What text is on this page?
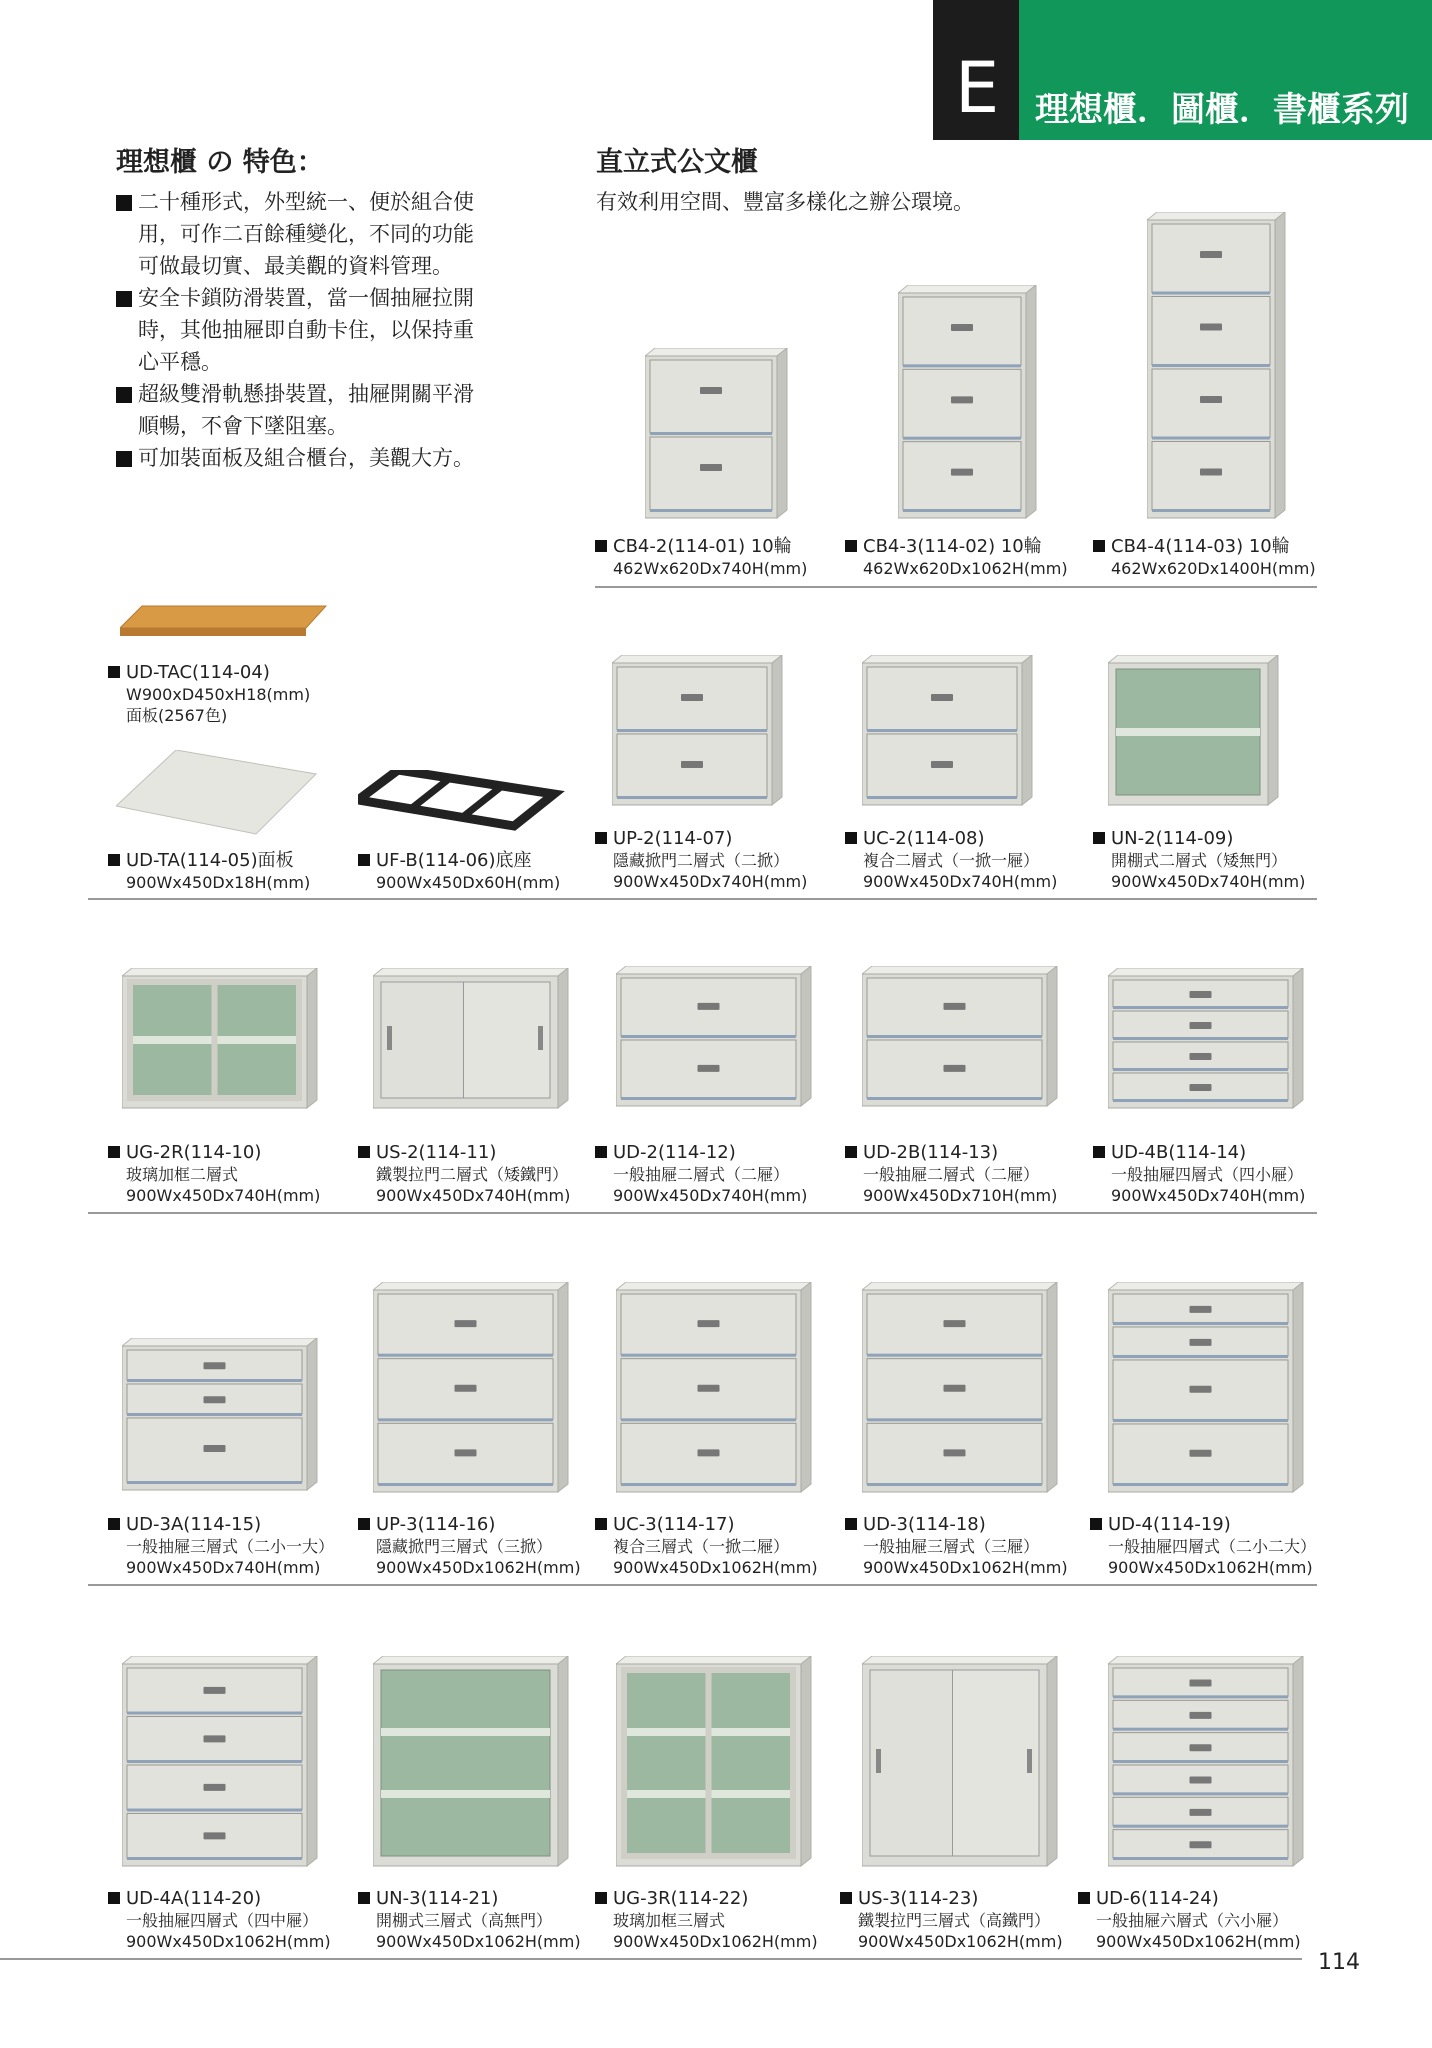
E 理想櫃．圖櫃．書櫃系列
理想櫃 の 特色：
二十種形式，外型統一、便於組合使用，可作二百餘種變化，不同的功能可做最切實、最美觀的資料管理。
安全卡鎖防滑裝置，當一個抽屜拉開時，其他抽屜即自動卡住，以保持重心平穩。
超級雙滑軌懸掛裝置，抽屜開關平滑順暢，不會下墜阻塞。
可加裝面板及組合櫃台，美觀大方。
直立式公文櫃
有效利用空間、豐富多樣化之辦公環境。
CB4-2(114-01) 10輪
462Wx620Dx740H(mm)
CB4-3(114-02) 10輪
462Wx620Dx1062H(mm)
CB4-4(114-03) 10輪
462Wx620Dx1400H(mm)
UD-TAC(114-04)
W900xD450xH18(mm)
面板(2567色)
UD-TA(114-05)面板
900Wx450Dx18H(mm)
UF-B(114-06)底座
900Wx450Dx60H(mm)
UP-2(114-07)
隱藏掀門二層式（二掀）
900Wx450Dx740H(mm)
UC-2(114-08)
複合二層式（一掀一屜）
900Wx450Dx740H(mm)
UN-2(114-09)
開棚式二層式（矮無門）
900Wx450Dx740H(mm)
UG-2R(114-10)
玻璃加框二層式
900Wx450Dx740H(mm)
US-2(114-11)
鐵製拉門二層式（矮鐵門）
900Wx450Dx740H(mm)
UD-2(114-12)
一般抽屜二層式（二屜）
900Wx450Dx740H(mm)
UD-2B(114-13)
一般抽屜二層式（二屜）
900Wx450Dx710H(mm)
UD-4B(114-14)
一般抽屜四層式（四小屜）
900Wx450Dx740H(mm)
UD-3A(114-15)
一般抽屜三層式（二小一大）
900Wx450Dx740H(mm)
UP-3(114-16)
隱藏掀門三層式（三掀）
900Wx450Dx1062H(mm)
UC-3(114-17)
複合三層式（一掀二屜）
900Wx450Dx1062H(mm)
UD-3(114-18)
一般抽屜三層式（三屜）
900Wx450Dx1062H(mm)
UD-4(114-19)
一般抽屜四層式（二小二大）
900Wx450Dx1062H(mm)
UD-4A(114-20)
一般抽屜四層式（四中屜）
900Wx450Dx1062H(mm)
UN-3(114-21)
開棚式三層式（高無門）
900Wx450Dx1062H(mm)
UG-3R(114-22)
玻璃加框三層式
900Wx450Dx1062H(mm)
US-3(114-23)
鐵製拉門三層式（高鐵門）
900Wx450Dx1062H(mm)
UD-6(114-24)
一般抽屜六層式（六小屜）
900Wx450Dx1062H(mm)
114
